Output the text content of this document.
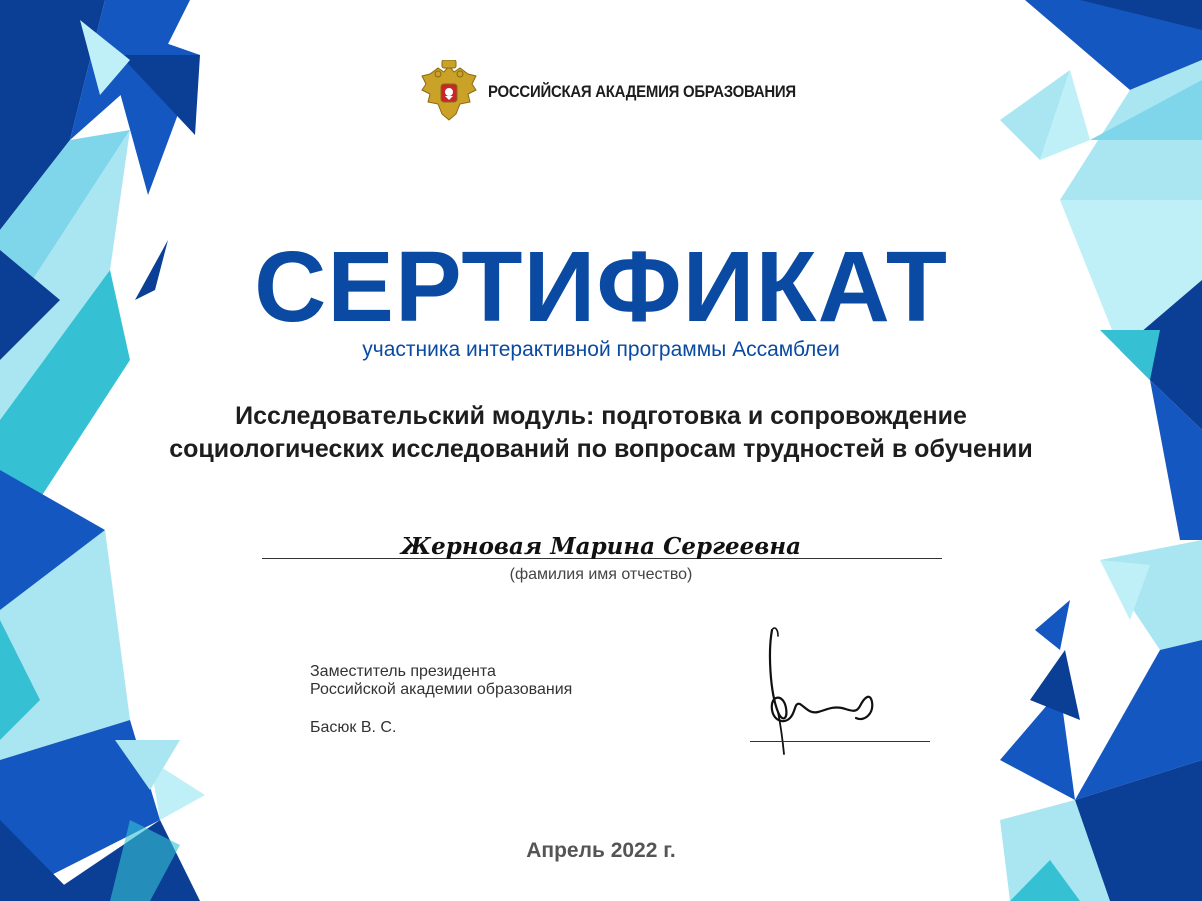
РОССИЙСКАЯ АКАДЕМИЯ ОБРАЗОВАНИЯ
СЕРТИФИКАТ
участника интерактивной программы Ассамблеи
Исследовательский модуль: подготовка и сопровождение
социологических исследований по вопросам трудностей в обучении
Жерновая Марина Сергеевна
(фамилия имя отчество)
Заместитель президента
Российской академии образования
Басюк В. С.
Апрель 2022 г.
